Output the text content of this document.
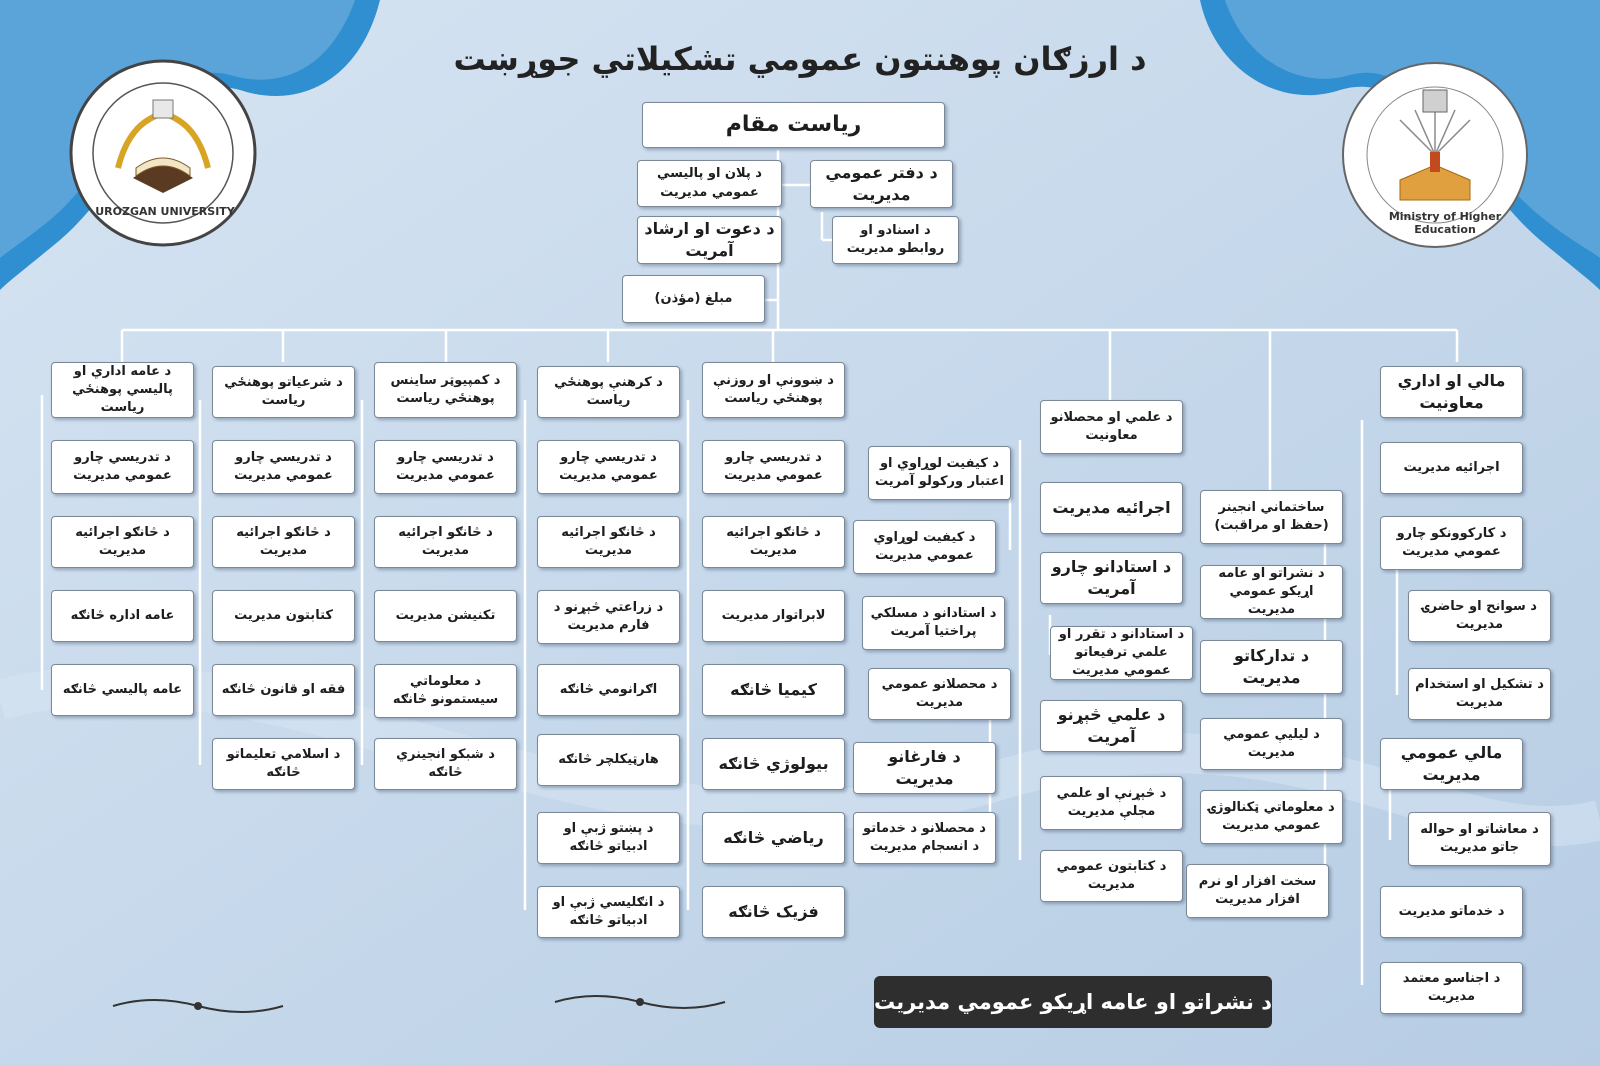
UROZGAN UNIVERSITY	Ministry of Higher Education
د ارزګان پوهنتون عمومي تشکیلاتي جوړښت
ریاست مقام
د پلان او پالیسي عمومي مدیریت
د دفتر عمومي مدیریت
د دعوت او ارشاد آمریت
د اسنادو او روابطو مدیریت
مبلغ (مؤذن)
د عامه اداري او پالیسي پوهنځي ریاست
د تدریسي چارو عمومي مدیریت
د څانګو اجرائیه مدیریت
عامه اداره څانګه
عامه پالیسي څانګه
د شرعیاتو پوهنځي ریاست
د تدریسي چارو عمومي مدیریت
د څانګو اجرائیه مدیریت
کتابتون مدیریت
فقه او قانون څانګه
د اسلامي تعلیماتو څانګه
د کمپیوټر ساینس پوهنځي ریاست
د تدریسي چارو عمومي مدیریت
د څانګو اجرائیه مدیریت
تکنیشن مدیریت
د معلوماتي سیستمونو څانګه
د شبکو انجینري څانګه
د کرهنې پوهنځي ریاست
د تدریسي چارو عمومي مدیریت
د څانګو اجرائیه مدیریت
د زراعتي څېړنو د فارم مدیریت
اګرانومي څانګه
هارټیکلچر څانګه
د پښتو ژبې او ادبیاتو څانګه
د انګلیسي ژبې او ادبیاتو څانګه
د ښوونې او روزنې پوهنځي ریاست
د تدریسي چارو عمومي مدیریت
د څانګو اجرائیه مدیریت
لابراتوار مدیریت
کیمیا څانګه
بیولوژي څانګه
ریاضي څانګه
فزیک څانګه
د کیفیت لوړاوي او اعتبار ورکولو آمریت
د کیفیت لوړاوي عمومي مدیریت
د استادانو د مسلکي پراختیا آمریت
د محصلانو عمومي مدیریت
د فارغانو مدیریت
د محصلانو د خدماتو د انسجام مدیریت
د علمي او محصلانو معاونیت
اجرائیه مدیریت
د استادانو چارو آمریت
د استادانو د تقرر او علمي ترفیعاتو عمومي مدیریت
د علمي څېړنو آمریت
د څېړنې او علمي مجلې مدیریت
د کتابتون عمومي مدیریت
ساختماني انجینر (حفظ او مراقبت)
د نشراتو او عامه اړیکو عمومي مدیریت
د تدارکاتو مدیریت
د لیلیې عمومي مدیریت
د معلوماتي ټکنالوژۍ عمومي مدیریت
سخت افزار او نرم افزار مدیریت
مالي او اداري معاونیت
اجرائیه مدیریت
د کارکوونکو چارو عمومي مدیریت
د سوانح او حاضرۍ مدیریت
د تشکیل او استخدام مدیریت
مالي عمومي مدیریت
د معاشاتو او حواله جاتو مدیریت
د خدماتو مدیریت
د اجناسو معتمد مدیریت
د نشراتو او عامه اړیکو عمومي مدیریت
